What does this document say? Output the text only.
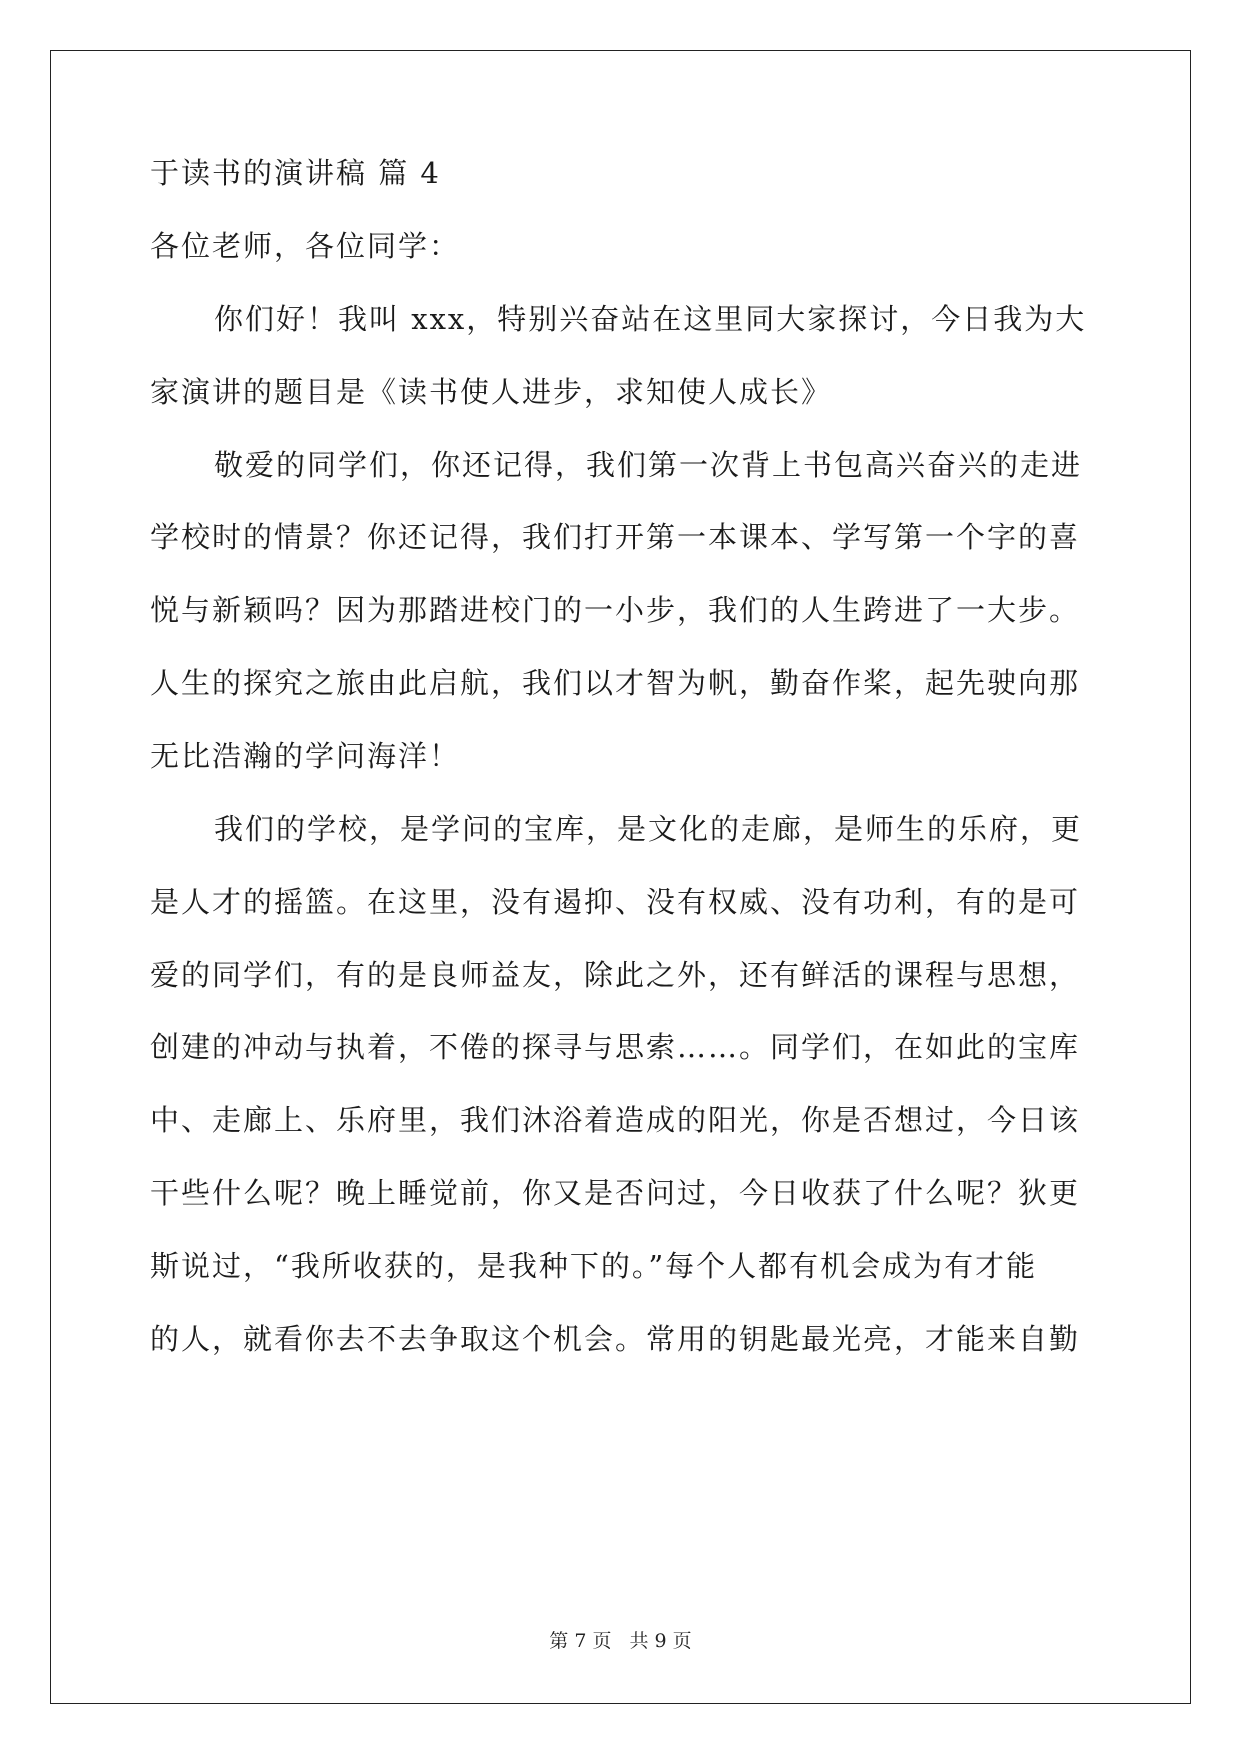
于读书的演讲稿 篇 4
各位老师，各位同学：
你们好！我叫 xxx，特别兴奋站在这里同大家探讨，今日我为大
家演讲的题目是《读书使人进步，求知使人成长》
敬爱的同学们，你还记得，我们第一次背上书包高兴奋兴的走进
学校时的情景？你还记得，我们打开第一本课本、学写第一个字的喜
悦与新颖吗？因为那踏进校门的一小步，我们的人生跨进了一大步。
人生的探究之旅由此启航，我们以才智为帆，勤奋作桨，起先驶向那
无比浩瀚的学问海洋！
我们的学校，是学问的宝库，是文化的走廊，是师生的乐府，更
是人才的摇篮。在这里，没有遏抑、没有权威、没有功利，有的是可
爱的同学们，有的是良师益友，除此之外，还有鲜活的课程与思想，
创建的冲动与执着，不倦的探寻与思索……。同学们，在如此的宝库
中、走廊上、乐府里，我们沐浴着造成的阳光，你是否想过，今日该
干些什么呢？晚上睡觉前，你又是否问过，今日收获了什么呢？狄更
斯说过，“我所收获的，是我种下的。”每个人都有机会成为有才能
的人，就看你去不去争取这个机会。常用的钥匙最光亮，才能来自勤
第 7 页 共 9 页
